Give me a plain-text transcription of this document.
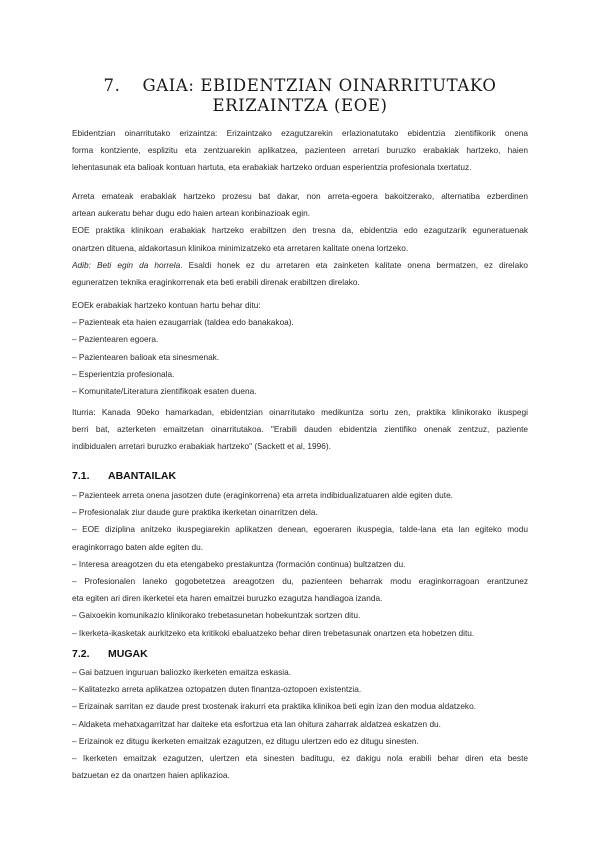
7. GAIA: EBIDENTZIAN OINARRITUTAKO
ERIZAINTZA (EOE)
Ebidentzian oinarritutako erizaintza: Erizaintzako ezagutzarekin erlazionatutako ebidentzia zientifikorik onena
forma kontziente, esplizitu eta zentzuarekin aplikatzea, pazienteen arretari buruzko erabakiak hartzeko, haien
lehentasunak eta balioak kontuan hartuta, eta erabakiak hartzeko orduan esperientzia profesionala txertatuz.
Arreta emateak erabakiak hartzeko prozesu bat dakar, non arreta-egoera bakoitzerako, alternatiba ezberdinen
artean aukeratu behar dugu edo haien artean konbinazioak egin.
EOE praktika klinikoan erabakiak hartzeko erabiltzen den tresna da, ebidentzia edo ezagutzarik eguneratuenak
onartzen dituena, aldakortasun klinikoa minimizatzeko eta arretaren kalitate onena lortzeko.
Adib: Beti egin da horrela. Esaldi honek ez du arretaren eta zainketen kalitate onena bermatzen, ez direlako
eguneratzen teknika eraginkorrenak eta beti erabili direnak erabiltzen direlako.
EOEk erabakiak hartzeko kontuan hartu behar ditu:
– Pazienteak eta haien ezaugarriak (taldea edo banakakoa).
– Pazientearen egoera.
– Pazientearen balioak eta sinesmenak.
– Esperientzia profesionala.
– Komunitate/Literatura zientifikoak esaten duena.
Iturria: Kanada 90eko hamarkadan, ebidentzian oinarritutako medikuntza sortu zen, praktika klinikorako ikuspegi
berri bat, azterketen emaitzetan oinarritutakoa. "Erabili dauden ebidentzia zientifiko onenak zentzuz, paziente
indibidualen arretari buruzko erabakiak hartzeko" (Sackett et al, 1996).
7.1. ABANTAILAK
– Pazienteek arreta onena jasotzen dute (eraginkorrena) eta arreta indibidualizatuaren alde egiten dute.
– Profesionalak ziur daude gure praktika ikerketan oinarritzen dela.
– EOE diziplina anitzeko ikuspegiarekin aplikatzen denean, egoeraren ikuspegia, talde-lana eta lan egiteko modu
eraginkorrago baten alde egiten du.
– Interesa areagotzen du eta etengabeko prestakuntza (formación continua) bultzatzen du.
– Profesionalen laneko gogobetetzea areagotzen du, pazienteen beharrak modu eraginkorragoan erantzunez
eta egiten ari diren ikerketei eta haren emaitzei buruzko ezagutza handiagoa izanda.
– Gaixoekin komunikazio klinikorako trebetasunetan hobekuntzak sortzen ditu.
– Ikerketa-ikasketak aurkitzeko eta kritikoki ebaluatzeko behar diren trebetasunak onartzen eta hobetzen ditu.
7.2. MUGAK
– Gai batzuen inguruan baliozko ikerketen emaitza eskasia.
– Kalitatezko arreta aplikatzea oztopatzen duten finantza-oztopoen existentzia.
– Erizainak sarritan ez daude prest txostenak irakurri eta praktika klinikoa beti egin izan den modua aldatzeko.
– Aldaketa mehatxagarritzat har daiteke eta esfortzua eta lan ohitura zaharrak aldatzea eskatzen du.
– Erizainok ez ditugu ikerketen emaitzak ezagutzen, ez ditugu ulertzen edo ez ditugu sinesten.
– Ikerketen emaitzak ezagutzen, ulertzen eta sinesten baditugu, ez dakigu nola erabili behar diren eta beste
batzuetan ez da onartzen haien aplikazioa.
